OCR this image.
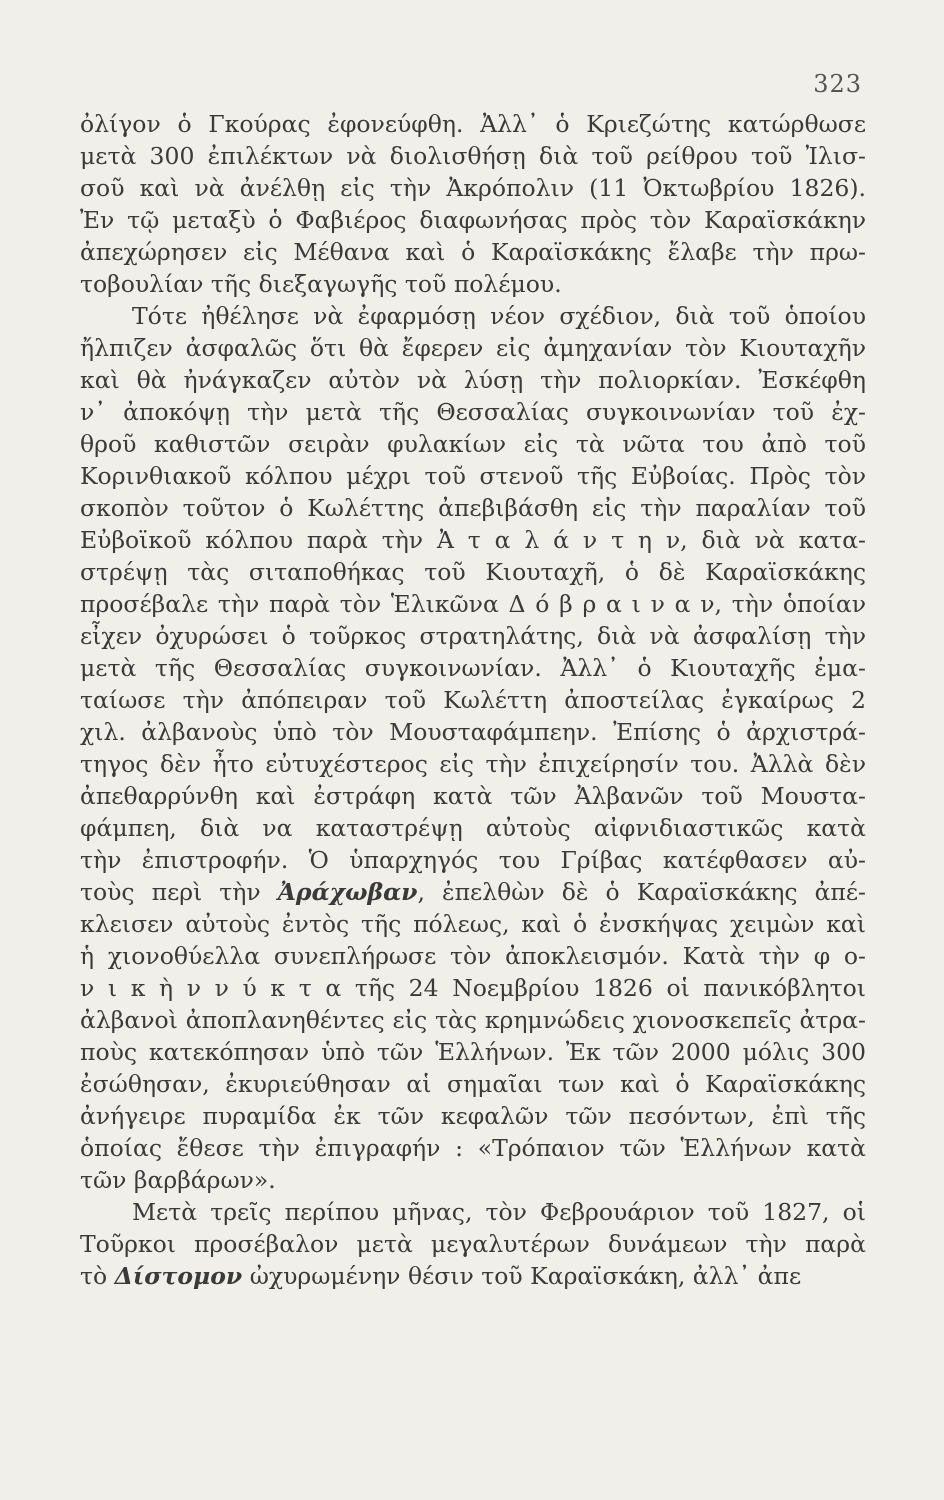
323
ὀλίγον ὁ Γκούρας ἐφονεύφθη. Ἀλλ᾽ ὁ Κριεζώτης κατώρθωσε
μετὰ 300 ἐπιλέκτων νὰ διολισθήσῃ διὰ τοῦ ρείθρου τοῦ Ἰλισ-
σοῦ καὶ νὰ ἀνέλθῃ εἰς τὴν Ἀκρόπολιν (11 Ὀκτωβρίου 1826).
Ἐν τῷ μεταξὺ ὁ Φαβιέρος διαφωνήσας πρὸς τὸν Καραϊσκάκην
ἀπεχώρησεν εἰς Μέθανα καὶ ὁ Καραϊσκάκης ἔλαβε τὴν πρω-
τοβουλίαν τῆς διεξαγωγῆς τοῦ πολέμου.
Τότε ἠθέλησε νὰ ἐφαρμόσῃ νέον σχέδιον, διὰ τοῦ ὁποίου
ἤλπιζεν ἀσφαλῶς ὅτι θὰ ἔφερεν εἰς ἀμηχανίαν τὸν Κιουταχῆν
καὶ θὰ ἠνάγκαζεν αὐτὸν νὰ λύσῃ τὴν πολιορκίαν. Ἐσκέφθη
ν᾽ ἀποκόψῃ τὴν μετὰ τῆς Θεσσαλίας συγκοινωνίαν τοῦ ἐχ-
θροῦ καθιστῶν σειρὰν φυλακίων εἰς τὰ νῶτα του ἀπὸ τοῦ
Κορινθιακοῦ κόλπου μέχρι τοῦ στενοῦ τῆς Εὐβοίας. Πρὸς τὸν
σκοπὸν τοῦτον ὁ Κωλέττης ἀπεβιβάσθη εἰς τὴν παραλίαν τοῦ
Εὐβοϊκοῦ κόλπου παρὰ τὴν Ἀ τ α λ ά ν τ η ν, διὰ νὰ κατα-
στρέψῃ τὰς σιταποθήκας τοῦ Κιουταχῆ, ὁ δὲ Καραϊσκάκης
προσέβαλε τὴν παρὰ τὸν Ἑλικῶνα Δ ό β ρ α ι ν α ν, τὴν ὁποίαν
εἶχεν ὀχυρώσει ὁ τοῦρκος στρατηλάτης, διὰ νὰ ἀσφαλίσῃ τὴν
μετὰ τῆς Θεσσαλίας συγκοινωνίαν. Ἀλλ᾽ ὁ Κιουταχῆς ἐμα-
ταίωσε τὴν ἀπόπειραν τοῦ Κωλέττη ἀποστείλας ἐγκαίρως 2
χιλ. ἀλβανοὺς ὑπὸ τὸν Μουσταφάμπεην. Ἐπίσης ὁ ἀρχιστρά-
τηγος δὲν ἦτο εὐτυχέστερος εἰς τὴν ἐπιχείρησίν του. Ἀλλὰ δὲν
ἀπεθαρρύνθη καὶ ἐστράφη κατὰ τῶν Ἀλβανῶν τοῦ Μουστα-
φάμπεη, διὰ να καταστρέψῃ αὐτοὺς αἰφνιδιαστικῶς κατὰ
τὴν ἐπιστροφήν. Ὁ ὑπαρχηγός του Γρίβας κατέφθασεν αὐ-
τοὺς περὶ τὴν Ἀράχωβαν, ἐπελθὼν δὲ ὁ Καραϊσκάκης ἀπέ-
κλεισεν αὐτοὺς ἐντὸς τῆς πόλεως, καὶ ὁ ἐνσκήψας χειμὼν καὶ
ἡ χιονοθύελλα συνεπλήρωσε τὸν ἀποκλεισμόν. Κατὰ τὴν φ ο-
ν ι κ ὴ ν ν ύ κ τ α τῆς 24 Νοεμβρίου 1826 οἱ πανικόβλητοι
ἀλβανοὶ ἀποπλανηθέντες εἰς τὰς κρημνώδεις χιονοσκεπεῖς ἀτρα-
ποὺς κατεκόπησαν ὑπὸ τῶν Ἑλλήνων. Ἐκ τῶν 2000 μόλις 300
ἐσώθησαν, ἐκυριεύθησαν αἱ σημαῖαι των καὶ ὁ Καραϊσκάκης
ἀνήγειρε πυραμίδα ἐκ τῶν κεφαλῶν τῶν πεσόντων, ἐπὶ τῆς
ὁποίας ἔθεσε τὴν ἐπιγραφήν : «Τρόπαιον τῶν Ἑλλήνων κατὰ
τῶν βαρβάρων».
Μετὰ τρεῖς περίπου μῆνας, τὸν Φεβρουάριον τοῦ 1827, οἱ
Τοῦρκοι προσέβαλον μετὰ μεγαλυτέρων δυνάμεων τὴν παρὰ
τὸ Δίστομον ὠχυρωμένην θέσιν τοῦ Καραϊσκάκη, ἀλλ᾽ ἀπε
